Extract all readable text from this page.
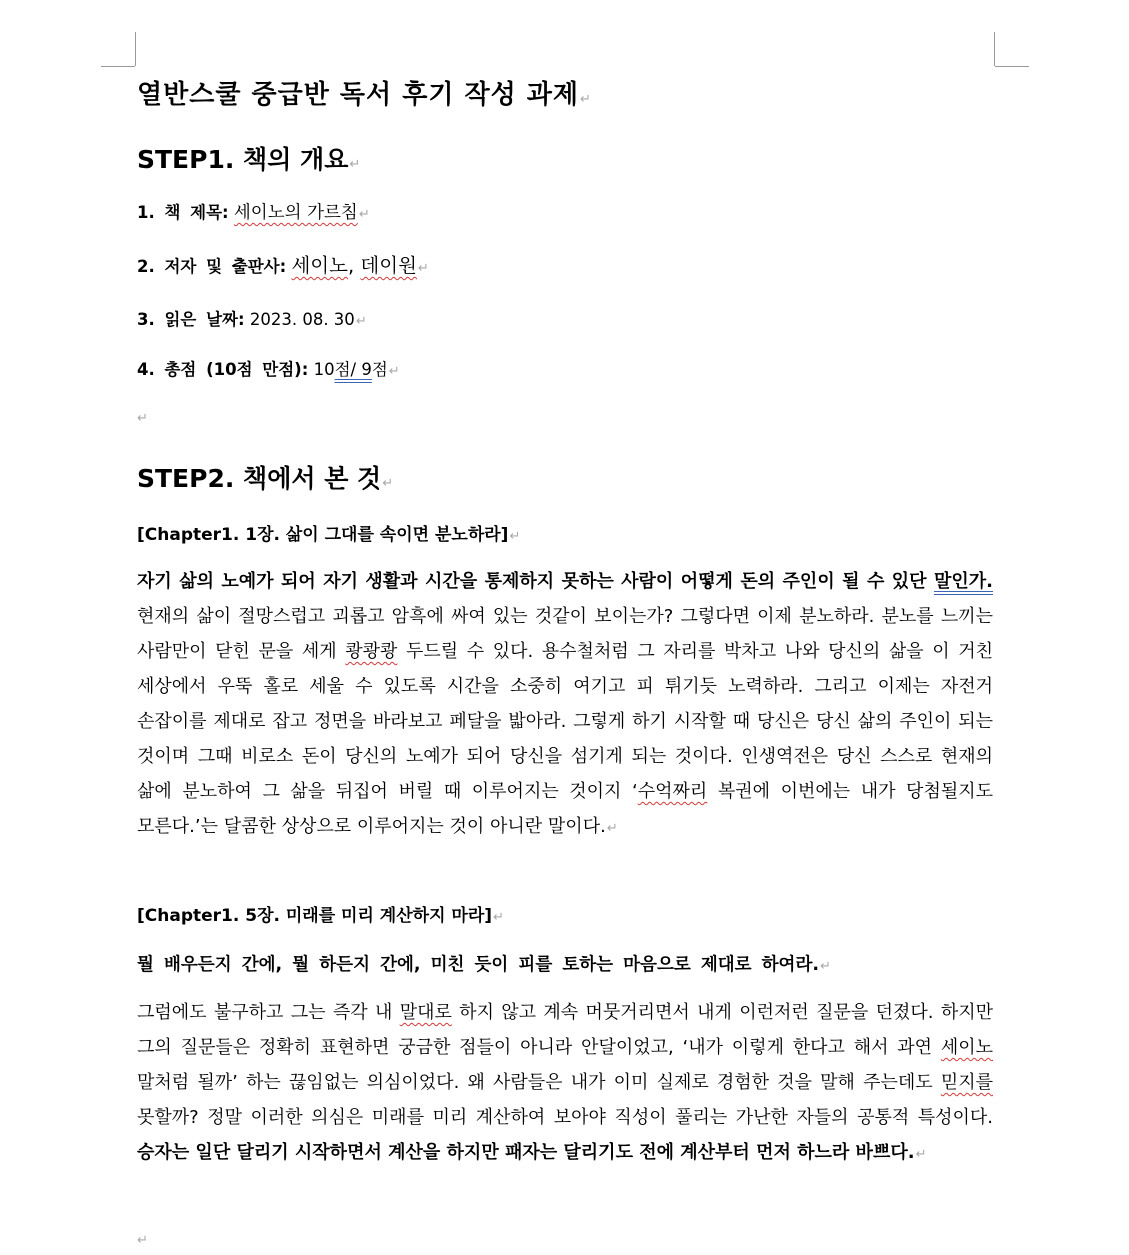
열반스쿨 중급반 독서 후기 작성 과제↵
STEP1. 책의 개요↵
1. 책 제목: 세이노의 가르침↵
2. 저자 및 출판사: 세이노, 데이원↵
3. 읽은 날짜: 2023. 08. 30↵
4. 총점 (10점 만점): 10점/ 9점↵
↵
STEP2. 책에서 본 것↵
[Chapter1. 1장. 삶이 그대를 속이면 분노하라]↵
자기 삶의 노예가 되어 자기 생활과 시간을 통제하지 못하는 사람이 어떻게 돈의 주인이 될 수 있단 말인가. 현재의 삶이 절망스럽고 괴롭고 암흑에 싸여 있는 것같이 보이는가? 그렇다면 이제 분노하라. 분노를 느끼는 사람만이 닫힌 문을 세게 쾅쾅쾅 두드릴 수 있다. 용수철처럼 그 자리를 박차고 나와 당신의 삶을 이 거친 세상에서 우뚝 홀로 세울 수 있도록 시간을 소중히 여기고 피 튀기듯 노력하라. 그리고 이제는 자전거 손잡이를 제대로 잡고 정면을 바라보고 페달을 밟아라. 그렇게 하기 시작할 때 당신은 당신 삶의 주인이 되는 것이며 그때 비로소 돈이 당신의 노예가 되어 당신을 섬기게 되는 것이다. 인생역전은 당신 스스로 현재의 삶에 분노하여 그 삶을 뒤집어 버릴 때 이루어지는 것이지 ‘수억짜리 복권에 이번에는 내가 당첨될지도 모른다.’는 달콤한 상상으로 이루어지는 것이 아니란 말이다.↵
[Chapter1. 5장. 미래를 미리 계산하지 마라]↵
뭘 배우든지 간에, 뭘 하든지 간에, 미친 듯이 피를 토하는 마음으로 제대로 하여라.↵
그럼에도 불구하고 그는 즉각 내 말대로 하지 않고 계속 머뭇거리면서 내게 이런저런 질문을 던졌다. 하지만 그의 질문들은 정확히 표현하면 궁금한 점들이 아니라 안달이었고, ‘내가 이렇게 한다고 해서 과연 세이노 말처럼 될까’ 하는 끊임없는 의심이었다. 왜 사람들은 내가 이미 실제로 경험한 것을 말해 주는데도 믿지를 못할까? 정말 이러한 의심은 미래를 미리 계산하여 보아야 직성이 풀리는 가난한 자들의 공통적 특성이다. 승자는 일단 달리기 시작하면서 계산을 하지만 패자는 달리기도 전에 계산부터 먼저 하느라 바쁘다.↵
↵
